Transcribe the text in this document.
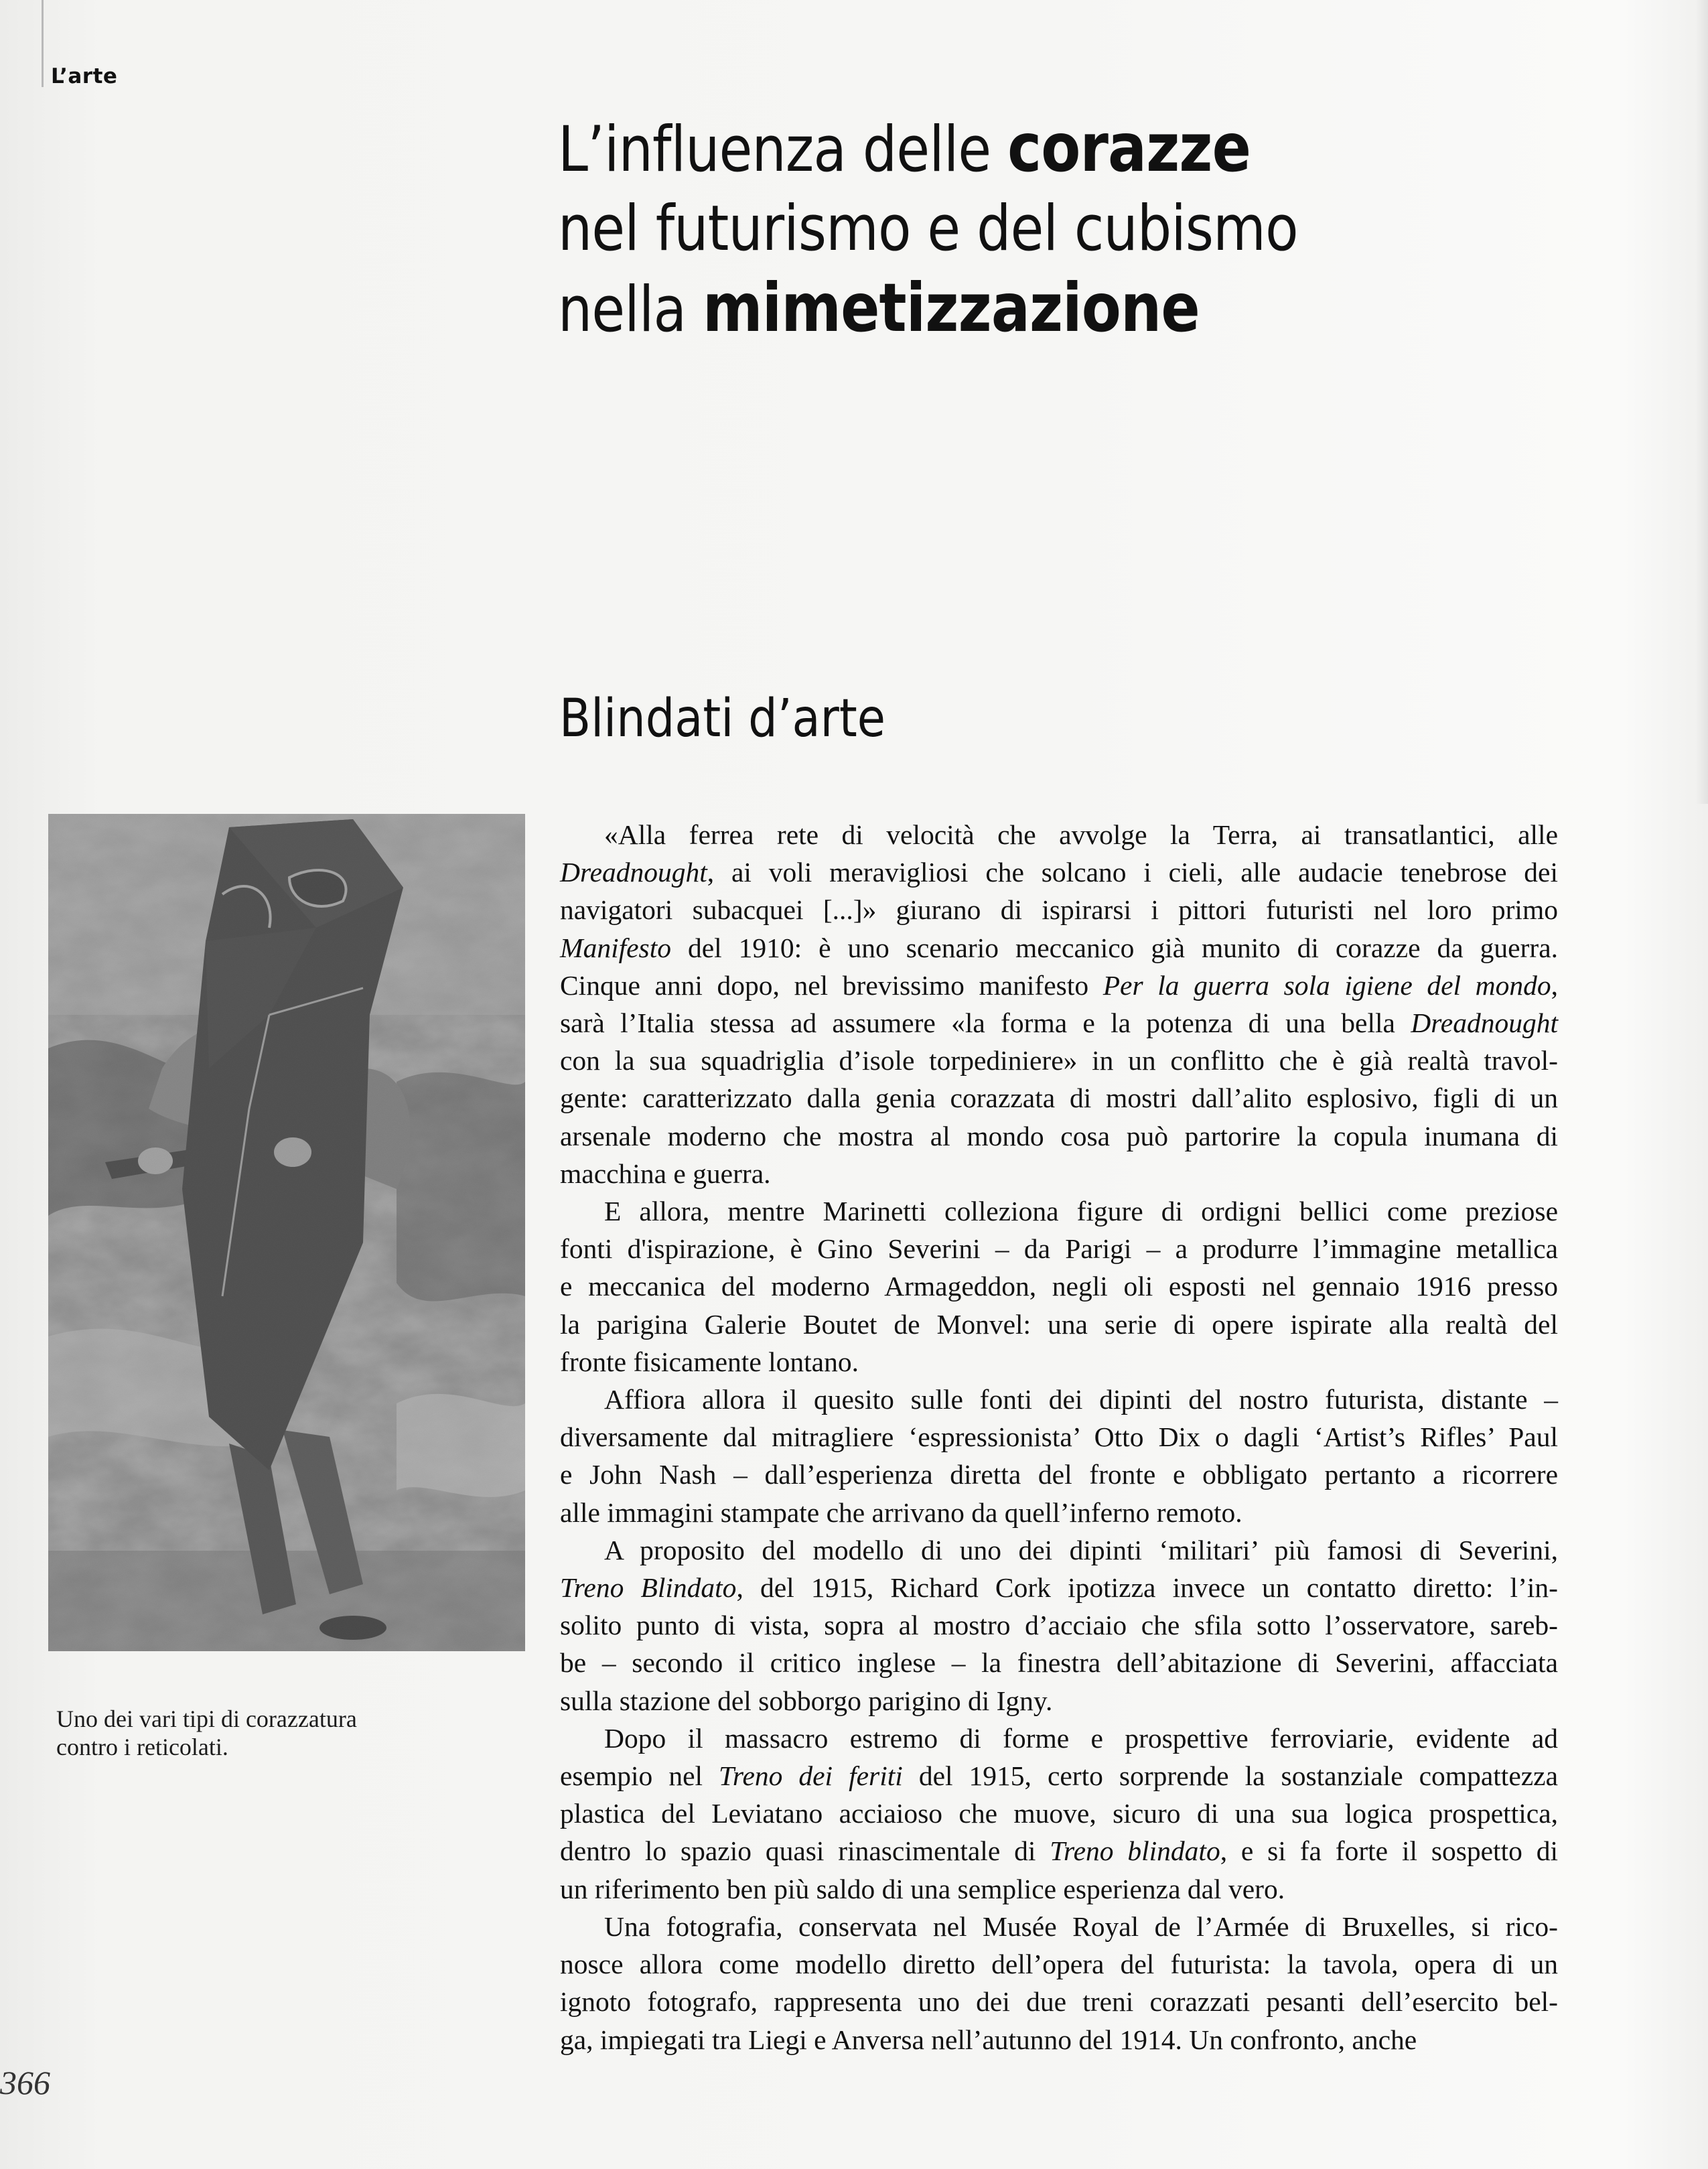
L’arte
L’influenza delle corazze
nel futurismo e del cubismo
nella mimetizzazione
Blindati d’arte
Uno dei vari tipi di corazzatura
contro i reticolati.

«Alla ferrea rete di velocità che avvolge la Terra, ai transatlantici, alle
Dreadnought, ai voli meravigliosi che solcano i cieli, alle audacie tenebrose dei
navigatori subacquei [...]» giurano di ispirarsi i pittori futuristi nel loro primo
Manifesto del 1910: è uno scenario meccanico già munito di corazze da guerra.
Cinque anni dopo, nel brevissimo manifesto Per la guerra sola igiene del mondo,
sarà l’Italia stessa ad assumere «la forma e la potenza di una bella Dreadnought
con la sua squadriglia d’isole torpediniere» in un conflitto che è già realtà travol-
gente: caratterizzato dalla genia corazzata di mostri dall’alito esplosivo, figli di un
arsenale moderno che mostra al mondo cosa può partorire la copula inumana di
macchina e guerra.

E allora, mentre Marinetti colleziona figure di ordigni bellici come preziose
fonti d'ispirazione, è Gino Severini – da Parigi – a produrre l’immagine metallica
e meccanica del moderno Armageddon, negli oli esposti nel gennaio 1916 presso
la parigina Galerie Boutet de Monvel: una serie di opere ispirate alla realtà del
fronte fisicamente lontano.

Affiora allora il quesito sulle fonti dei dipinti del nostro futurista, distante –
diversamente dal mitragliere ‘espressionista’ Otto Dix o dagli ‘Artist’s Rifles’ Paul
e John Nash – dall’esperienza diretta del fronte e obbligato pertanto a ricorrere
alle immagini stampate che arrivano da quell’inferno remoto.

A proposito del modello di uno dei dipinti ‘militari’ più famosi di Severini,
Treno Blindato, del 1915, Richard Cork ipotizza invece un contatto diretto: l’in-
solito punto di vista, sopra al mostro d’acciaio che sfila sotto l’osservatore, sareb-
be – secondo il critico inglese – la finestra dell’abitazione di Severini, affacciata
sulla stazione del sobborgo parigino di Igny.

Dopo il massacro estremo di forme e prospettive ferroviarie, evidente ad
esempio nel Treno dei feriti del 1915, certo sorprende la sostanziale compattezza
plastica del Leviatano acciaioso che muove, sicuro di una sua logica prospettica,
dentro lo spazio quasi rinascimentale di Treno blindato, e si fa forte il sospetto di
un riferimento ben più saldo di una semplice esperienza dal vero.

Una fotografia, conservata nel Musée Royal de l’Armée di Bruxelles, si rico-
nosce allora come modello diretto dell’opera del futurista: la tavola, opera di un
ignoto fotografo, rappresenta uno dei due treni corazzati pesanti dell’esercito bel-
ga, impiegati tra Liegi e Anversa nell’autunno del 1914. Un confronto, anche

366
